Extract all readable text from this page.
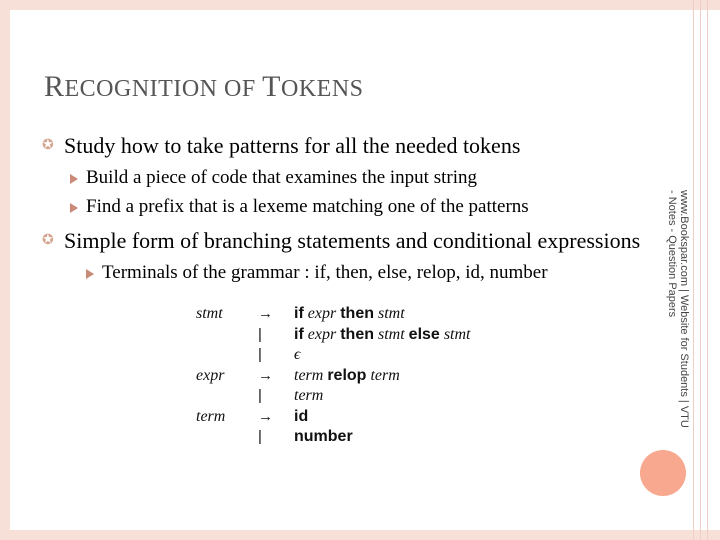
RECOGNITION OF TOKENS
✪ Study how to take patterns for all the needed tokens
Build a piece of code that examines the input string
Find a prefix that is a lexeme matching one of the patterns
✪ Simple form of branching statements and conditional expressions
Terminals of the grammar : if, then, else, relop, id, number
stmt → if expr then stmt
| if expr then stmt else stmt
| ϵ
expr → term relop term
| term
term → id
| number
www.Bookspar.com | Website for Students | VTU - Notes - Question Papers
